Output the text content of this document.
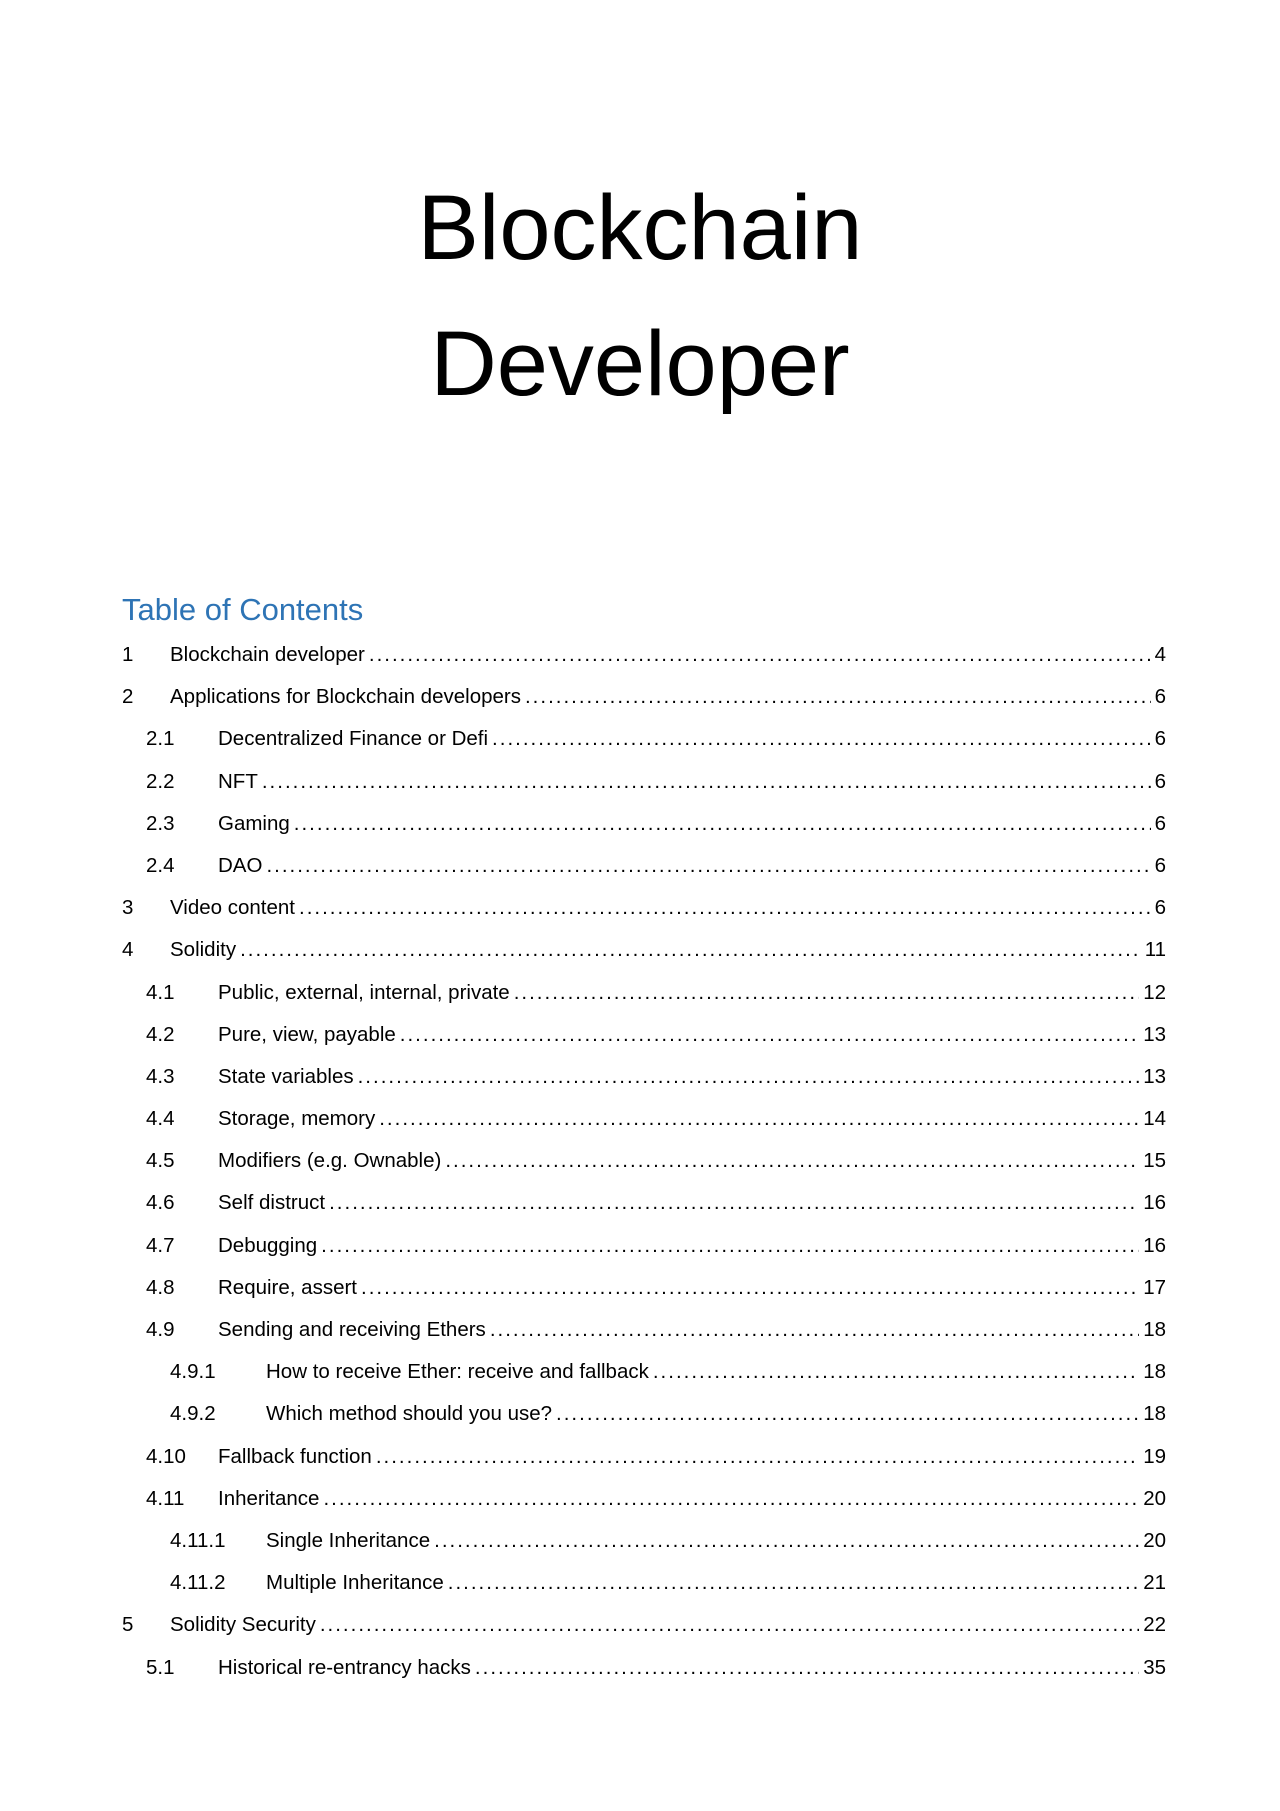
Blockchain
Developer
Table of Contents
1	Blockchain developer .....	4
2	Applications for Blockchain developers .....	6
2.1	Decentralized Finance or Defi .....	6
2.2	NFT .....	6
2.3	Gaming .....	6
2.4	DAO .....	6
3	Video content .....	6
4	Solidity .....	11
4.1	Public, external, internal, private .....	12
4.2	Pure, view, payable .....	13
4.3	State variables .....	13
4.4	Storage, memory .....	14
4.5	Modifiers (e.g. Ownable) .....	15
4.6	Self distruct .....	16
4.7	Debugging .....	16
4.8	Require, assert .....	17
4.9	Sending and receiving Ethers .....	18
4.9.1	How to receive Ether: receive and fallback .....	18
4.9.2	Which method should you use? .....	18
4.10	Fallback function .....	19
4.11	Inheritance .....	20
4.11.1	Single Inheritance .....	20
4.11.2	Multiple Inheritance .....	21
5	Solidity Security .....	22
5.1	Historical re-entrancy hacks .....	35
